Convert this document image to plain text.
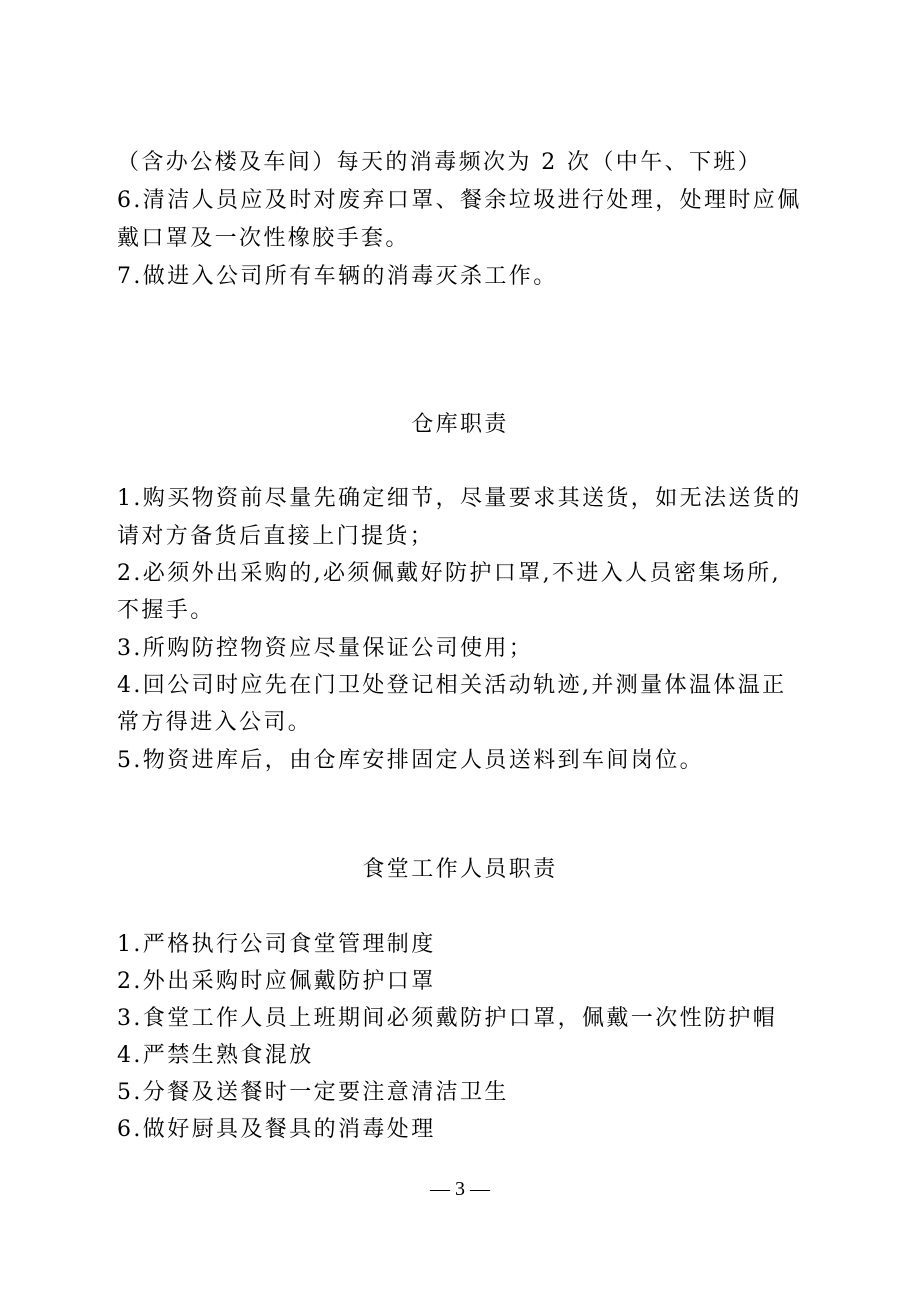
（含办公楼及车间）每天的消毒频次为 2 次（中午、下班）
6.清洁人员应及时对废弃口罩、餐余垃圾进行处理，处理时应佩
戴口罩及一次性橡胶手套。
7.做进入公司所有车辆的消毒灭杀工作。
仓库职责
1.购买物资前尽量先确定细节，尽量要求其送货，如无法送货的
请对方备货后直接上门提货；
2.必须外出采购的,必须佩戴好防护口罩,不进入人员密集场所,
不握手。
3.所购防控物资应尽量保证公司使用；
4.回公司时应先在门卫处登记相关活动轨迹,并测量体温体温正
常方得进入公司。
5.物资进库后，由仓库安排固定人员送料到车间岗位。
食堂工作人员职责
1.严格执行公司食堂管理制度
2.外出采购时应佩戴防护口罩
3.食堂工作人员上班期间必须戴防护口罩，佩戴一次性防护帽
4.严禁生熟食混放
5.分餐及送餐时一定要注意清洁卫生
6.做好厨具及餐具的消毒处理
— 3 —
